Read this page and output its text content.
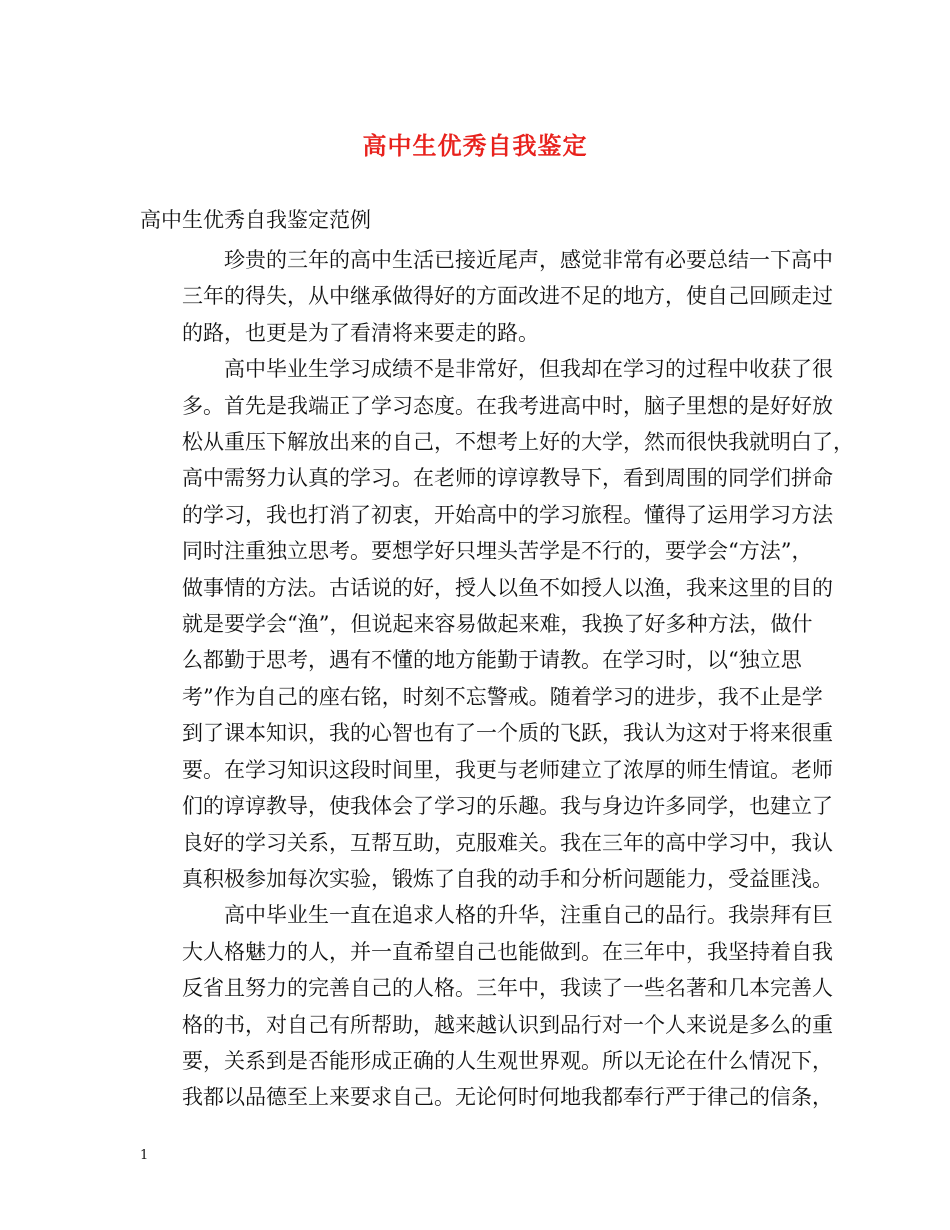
高中生优秀自我鉴定

高中生优秀自我鉴定范例

珍贵的三年的高中生活已接近尾声，感觉非常有必要总结一下高中
三年的得失，从中继承做得好的方面改进不足的地方，使自己回顾走过
的路，也更是为了看清将来要走的路。

高中毕业生学习成绩不是非常好，但我却在学习的过程中收获了很
多。首先是我端正了学习态度。在我考进高中时，脑子里想的是好好放
松从重压下解放出来的自己，不想考上好的大学，然而很快我就明白了，
高中需努力认真的学习。在老师的谆谆教导下，看到周围的同学们拼命
的学习，我也打消了初衷，开始高中的学习旅程。懂得了运用学习方法
同时注重独立思考。要想学好只埋头苦学是不行的，要学会“方法”，
做事情的方法。古话说的好，授人以鱼不如授人以渔，我来这里的目的
就是要学会“渔”，但说起来容易做起来难，我换了好多种方法，做什
么都勤于思考，遇有不懂的地方能勤于请教。在学习时，以“独立思
考”作为自己的座右铭，时刻不忘警戒。随着学习的进步，我不止是学
到了课本知识，我的心智也有了一个质的飞跃，我认为这对于将来很重
要。在学习知识这段时间里，我更与老师建立了浓厚的师生情谊。老师
们的谆谆教导，使我体会了学习的乐趣。我与身边许多同学，也建立了
良好的学习关系，互帮互助，克服难关。我在三年的高中学习中，我认
真积极参加每次实验，锻炼了自我的动手和分析问题能力，受益匪浅。

高中毕业生一直在追求人格的升华，注重自己的品行。我崇拜有巨
大人格魅力的人，并一直希望自己也能做到。在三年中，我坚持着自我
反省且努力的完善自己的人格。三年中，我读了一些名著和几本完善人
格的书，对自己有所帮助，越来越认识到品行对一个人来说是多么的重
要，关系到是否能形成正确的人生观世界观。所以无论在什么情况下，
我都以品德至上来要求自己。无论何时何地我都奉行严于律己的信条，

1
